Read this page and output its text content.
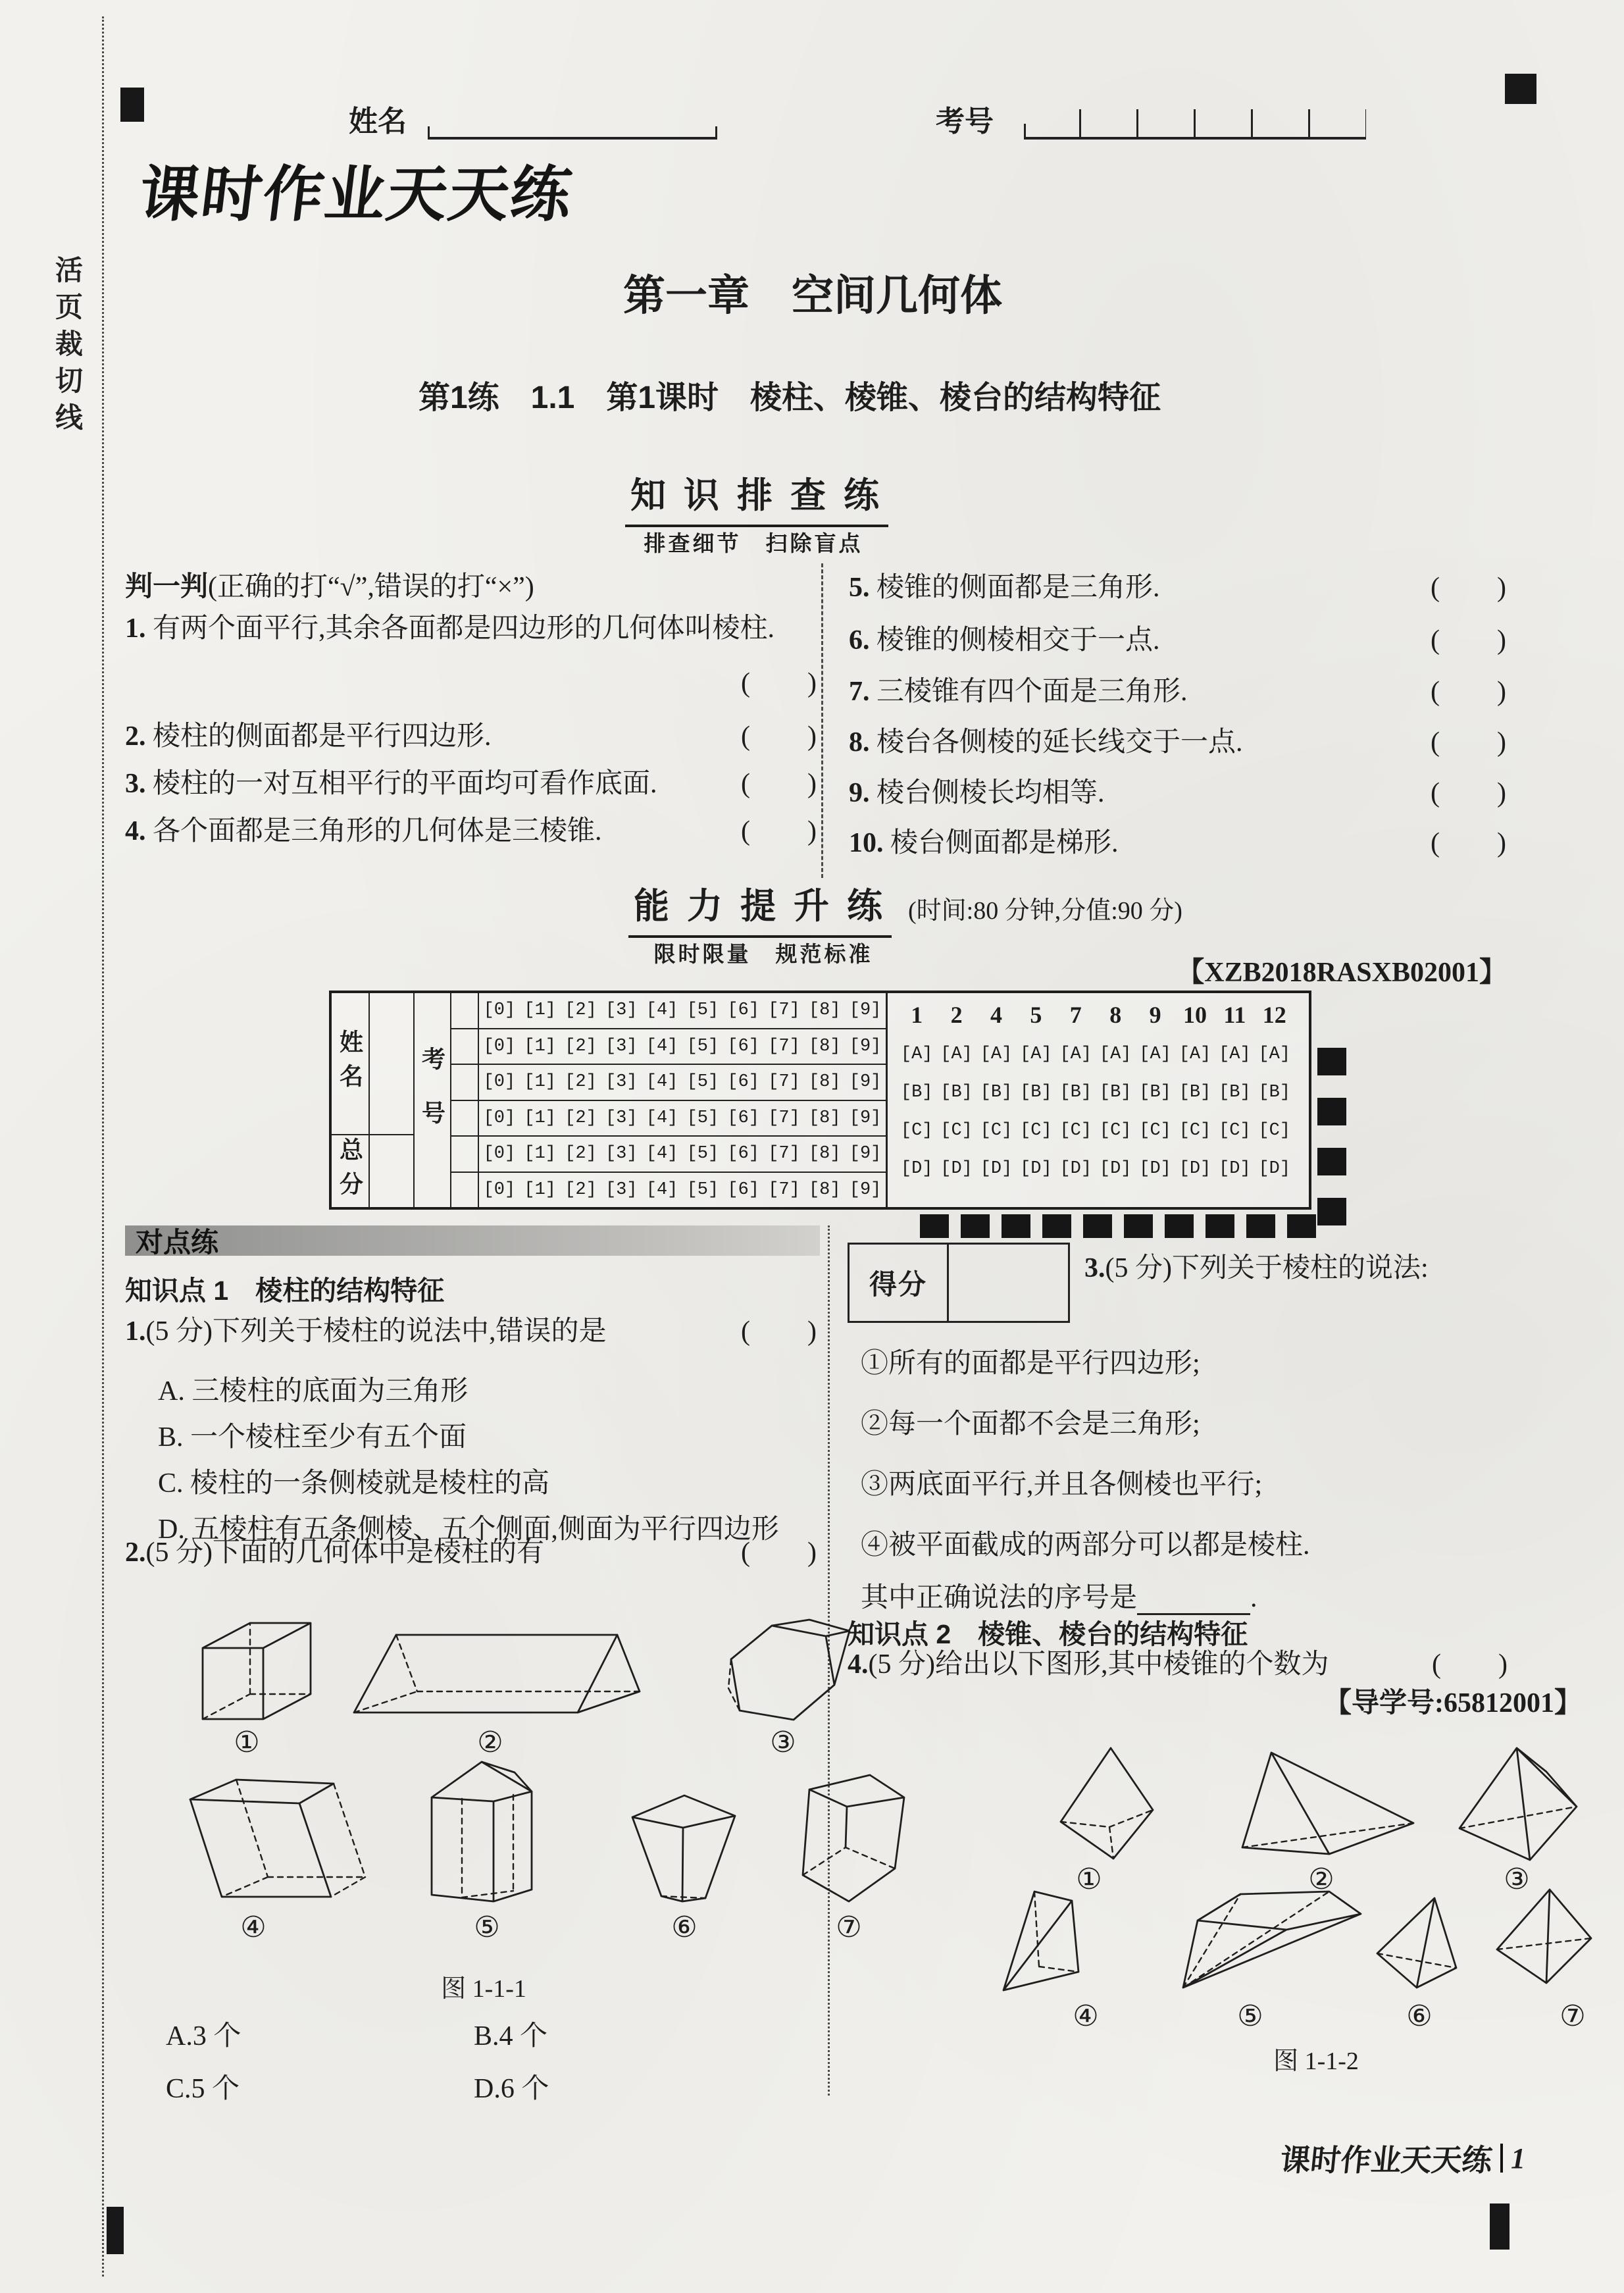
活页裁切线
姓名	考号
课时作业天天练
第一章　空间几何体
第1练　1.1　第1课时　棱柱、棱锥、棱台的结构特征
知 识 排 查 练
排查细节　扫除盲点
判一判(正确的打“√”,错误的打“×”)
1. 有两个面平行,其余各面都是四边形的几何体叫棱柱.
(　　)
2. 棱柱的侧面都是平行四边形.	(　　)
3. 棱柱的一对互相平行的平面均可看作底面.	(　　)
4. 各个面都是三角形的几何体是三棱锥.	(　　)
5. 棱锥的侧面都是三角形.	(　　)
6. 棱锥的侧棱相交于一点.	(　　)
7. 三棱锥有四个面是三角形.	(　　)
8. 棱台各侧棱的延长线交于一点.	(　　)
9. 棱台侧棱长均相等.	(　　)
10. 棱台侧面都是梯形.	(　　)
能 力 提 升 练 (时间:80 分钟,分值:90 分)
限时限量　规范标准
【XZB2018RASXB02001】
姓名
总分
考号
[0] [1] [2] [3] [4] [5] [6] [7] [8] [9]
[0] [1] [2] [3] [4] [5] [6] [7] [8] [9]
[0] [1] [2] [3] [4] [5] [6] [7] [8] [9]
[0] [1] [2] [3] [4] [5] [6] [7] [8] [9]
[0] [1] [2] [3] [4] [5] [6] [7] [8] [9]
[0] [1] [2] [3] [4] [5] [6] [7] [8] [9]
1	2	4	5	7	8	9 10 11 12
[A] [A] [A] [A] [A] [A] [A] [A] [A] [A]
[B] [B] [B] [B] [B] [B] [B] [B] [B] [B]
[C] [C] [C] [C] [C] [C] [C] [C] [C] [C]
[D] [D] [D] [D] [D] [D] [D] [D] [D] [D]
对点练
知识点 1　棱柱的结构特征
1.(5 分)下列关于棱柱的说法中,错误的是	(　　)
A. 三棱柱的底面为三角形
B. 一个棱柱至少有五个面
C. 棱柱的一条侧棱就是棱柱的高
D. 五棱柱有五条侧棱、五个侧面,侧面为平行四边形
2.(5 分)下面的几何体中是棱柱的有	(　　)
①	②	③
④	⑤	⑥	⑦
图 1-1-1
A.3 个	B.4 个
C.5 个	D.6 个
得分
3.(5 分)下列关于棱柱的说法:
①所有的面都是平行四边形;
②每一个面都不会是三角形;
③两底面平行,并且各侧棱也平行;
④被平面截成的两部分可以都是棱柱.
其中正确说法的序号是	.
知识点 2　棱锥、棱台的结构特征
4.(5 分)给出以下图形,其中棱锥的个数为	(　　)
【导学号:65812001】
①	②	③
④	⑤	⑥	⑦
图 1-1-2
课时作业天天练 1
